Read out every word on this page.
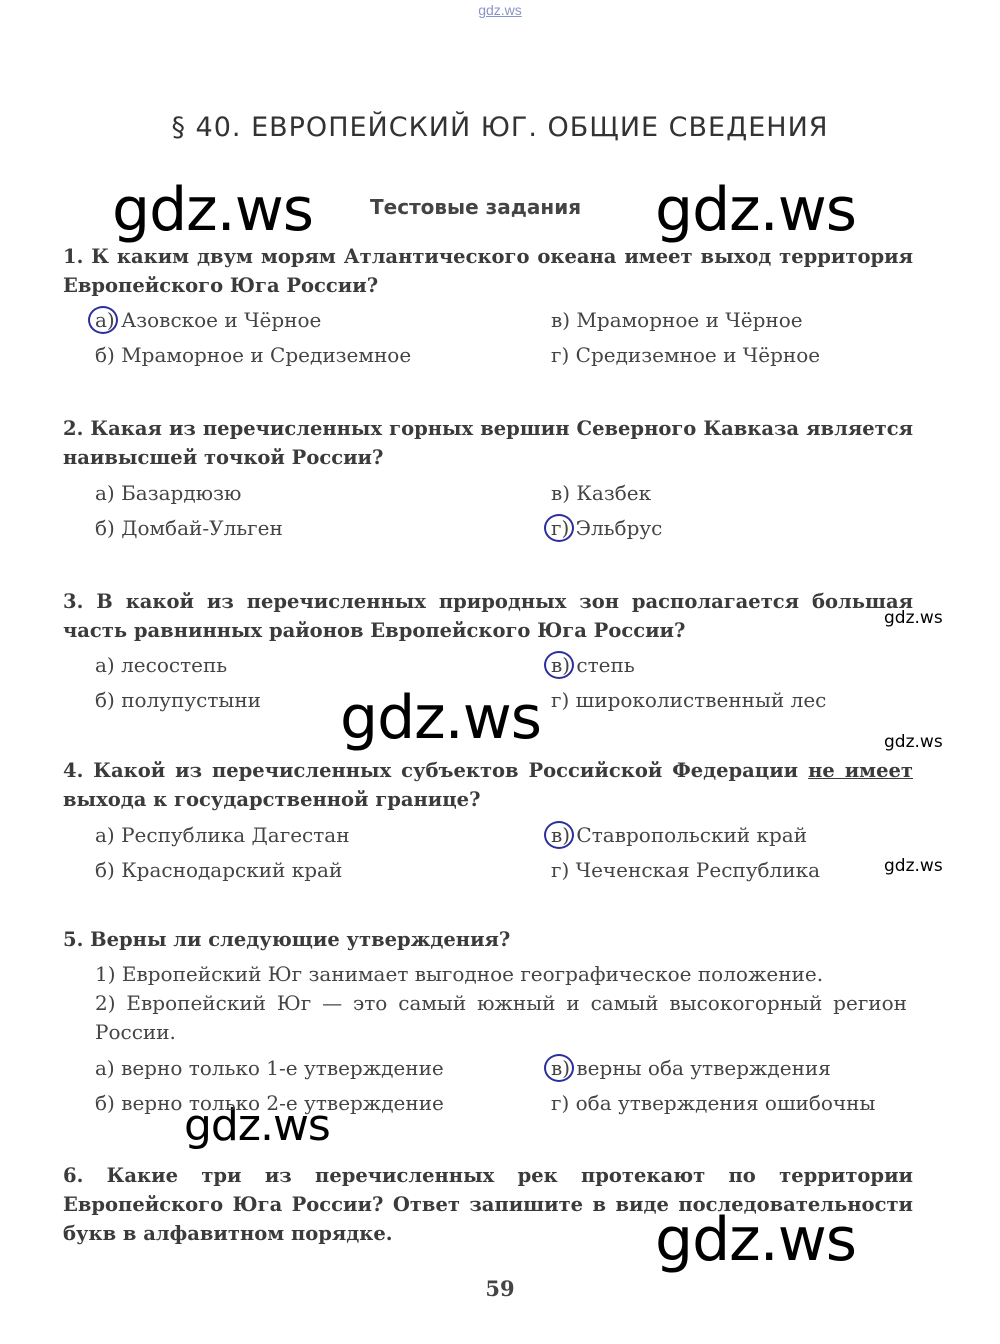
gdz.ws
§ 40. ЕВРОПЕЙСКИЙ ЮГ. ОБЩИЕ СВЕДЕНИЯ
Тестовые задания
gdz.ws	gdz.ws
gdz.ws
gdz.ws
gdz.ws
gdz.ws
gdz.ws
gdz.ws
1. К каким двум морям Атлантического океана имеет выход территория Европейского Юга России?
а) Азовское и Чёрное
б) Мраморное и Средиземное
в) Мраморное и Чёрное
г) Средиземное и Чёрное
2. Какая из перечисленных горных вершин Северного Кавказа является наивысшей точкой России?
а) Базардюзю
б) Домбай-Ульген
в) Казбек
г) Эльбрус
3. В какой из перечисленных природных зон располагается большая часть равнинных районов Европейского Юга России?
а) лесостепь
б) полупустыни
в) степь
г) широколиственный лес
4. Какой из перечисленных субъектов Российской Федерации не имеет выхода к государственной границе?
а) Республика Дагестан
б) Краснодарский край
в) Ставропольский край
г) Чеченская Республика
5. Верны ли следующие утверждения?
1) Европейский Юг занимает выгодное географическое положение.
2) Европейский Юг — это самый южный и самый высокогорный регион России.
а) верно только 1-е утверждение
б) верно только 2-е утверждение
в) верны оба утверждения
г) оба утверждения ошибочны
6. Какие три из перечисленных рек протекают по территории Европейского Юга России? Ответ запишите в виде последовательности букв в алфавитном порядке.
59
